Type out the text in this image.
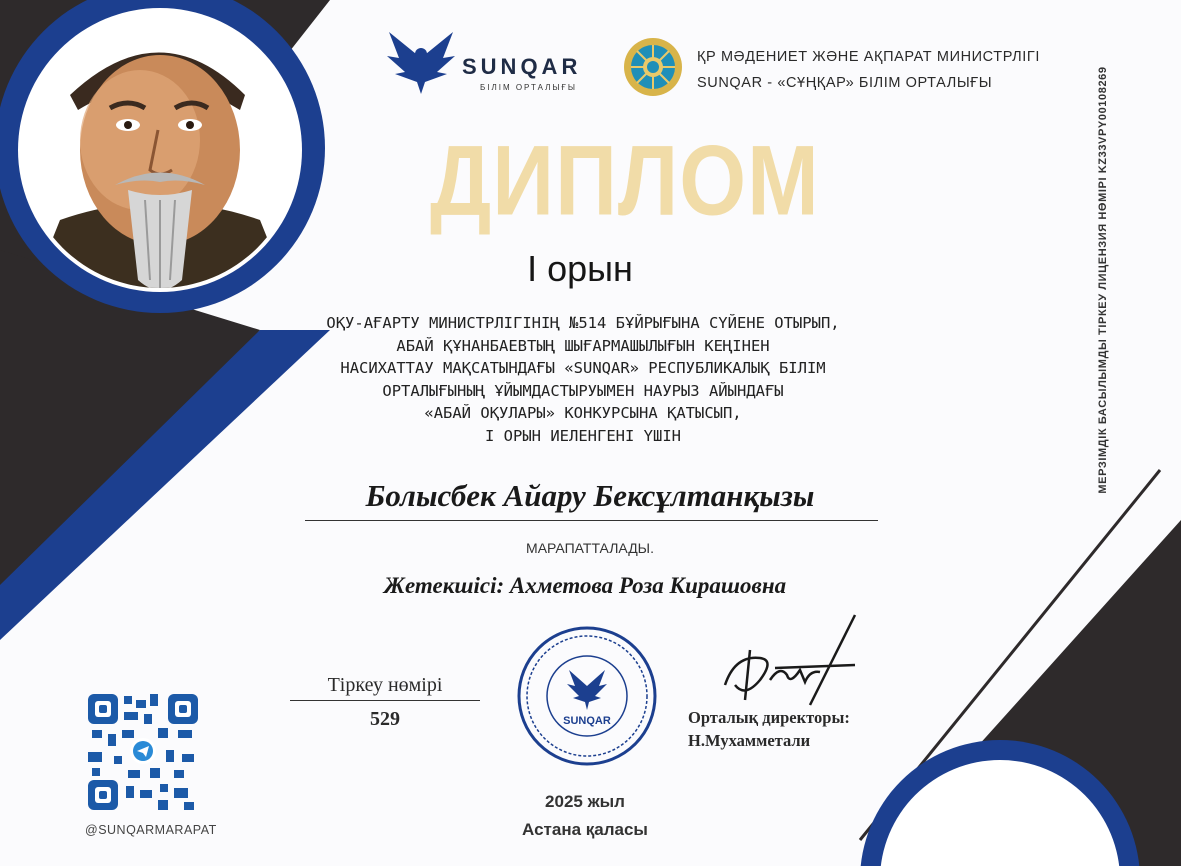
SUNQAR
БІЛІМ ОРТАЛЫҒЫ
ҚР МӘДЕНИЕТ ЖӘНЕ АҚПАРАТ МИНИСТРЛІГІ
SUNQAR - «СҰҢҚАР» БІЛІМ ОРТАЛЫҒЫ	МЕРЗІМДІК БАСЫЛЫМДЫ ТІРКЕУ ЛИЦЕНЗИЯ НӨМІРІ KZ33VPY00108269
ДИПЛОМ
I орын
ОҚУ-АҒАРТУ МИНИСТРЛІГІНІҢ №514 БҰЙРЫҒЫНА СҮЙЕНЕ ОТЫРЫП,
АБАЙ ҚҰНАНБАЕВТЫҢ ШЫҒАРМАШЫЛЫҒЫН КЕҢІНЕН
НАСИХАТТАУ МАҚСАТЫНДАҒЫ «SUNQAR» РЕСПУБЛИКАЛЫҚ БІЛІМ
ОРТАЛЫҒЫНЫҢ ҰЙЫМДАСТЫРУЫМЕН НАУРЫЗ АЙЫНДАҒЫ
«АБАЙ ОҚУЛАРЫ» КОНКУРСЫНА ҚАТЫСЫП,
I ОРЫН ИЕЛЕНГЕНІ ҮШІН
Болысбек Айару Бексұлтанқызы
МАРАПАТТАЛАДЫ.
Жетекшісі: Ахметова Роза Кирашовна
Тіркеу нөмірі
529	SUNQAR	Орталық директоры:
Н.Мухамметали
2025 жыл
Астана қаласы
@SUNQARMARAPAT
